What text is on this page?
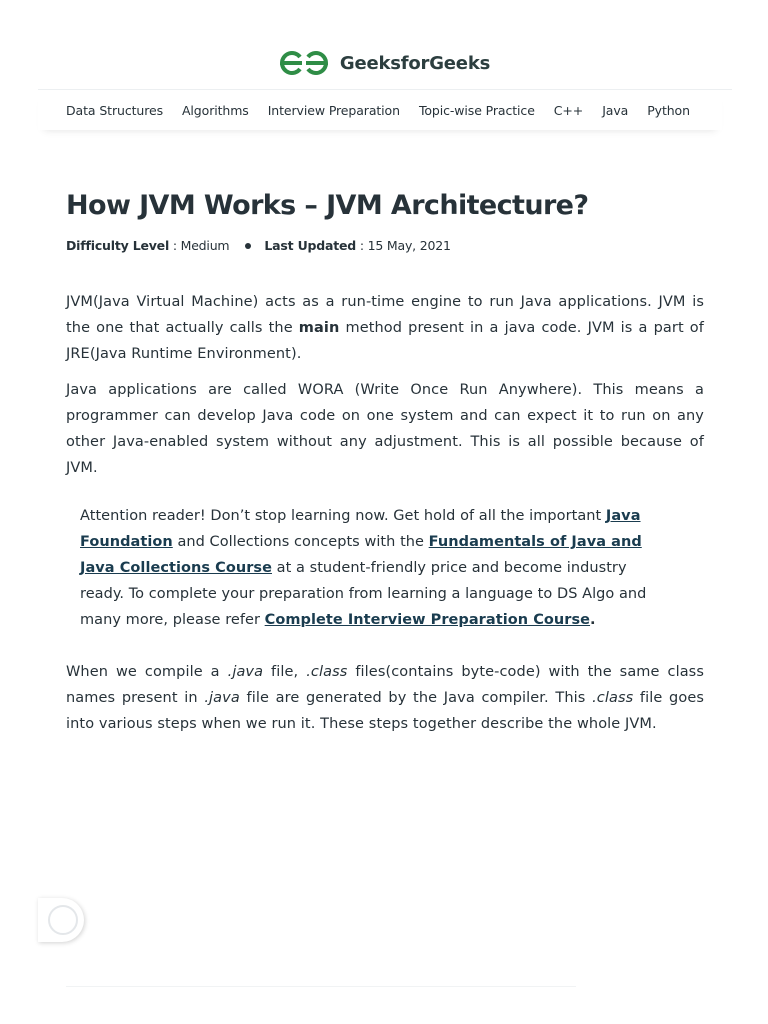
GeeksforGeeks
Data Structures Algorithms Interview Preparation Topic-wise Practice C++ Java Python
How JVM Works – JVM Architecture?
Difficulty Level : Medium	Last Updated : 15 May, 2021

JVM(Java Virtual Machine) acts as a run-time engine to run Java applications. JVM is the one that actually calls the main method present in a java code. JVM is a part of JRE(Java Runtime Environment).

Java applications are called WORA (Write Once Run Anywhere). This means a programmer can develop Java code on one system and can expect it to run on any other Java-enabled system without any adjustment. This is all possible because of JVM.

Attention reader! Don’t stop learning now. Get hold of all the important Java Foundation and Collections concepts with the Fundamentals of Java and Java Collections Course at a student-friendly price and become industry ready. To complete your preparation from learning a language to DS Algo and many more, please refer Complete Interview Preparation Course.

When we compile a .java file, .class files(contains byte-code) with the same class names present in .java file are generated by the Java compiler. This .class file goes into various steps when we run it. These steps together describe the whole JVM.
